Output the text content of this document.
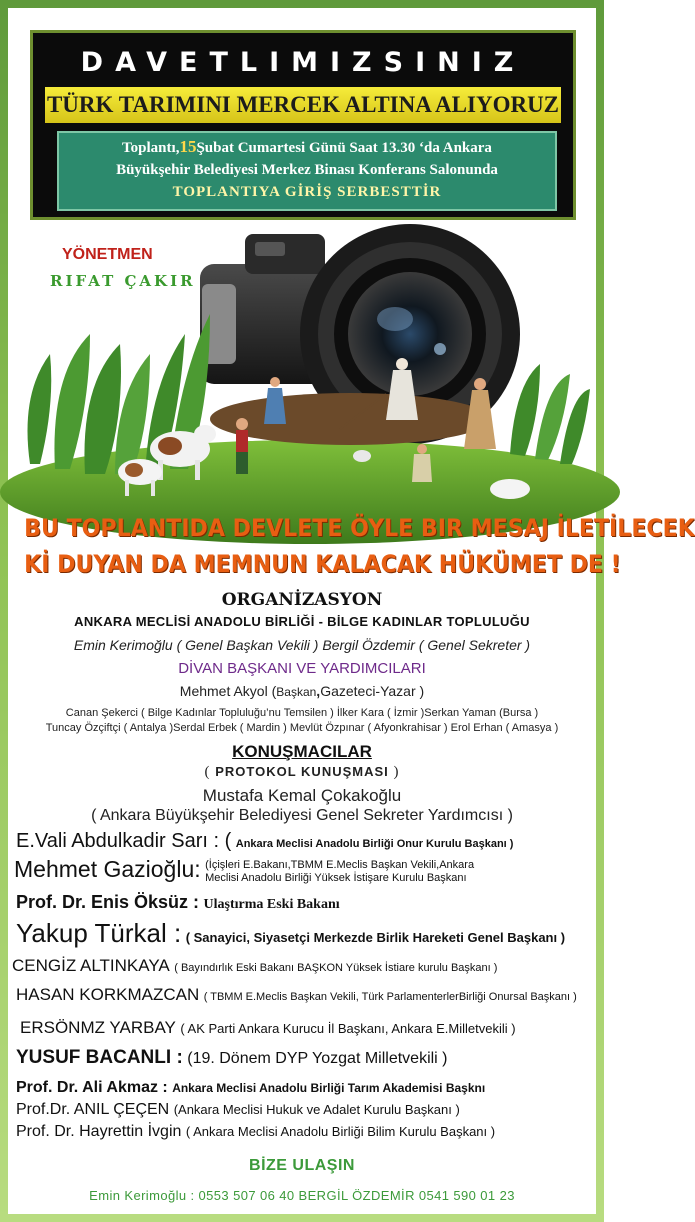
DAVETLIMIZSINIZ
TÜRK TARIMINI MERCEK ALTINA ALIYORUZ
Toplantı,15Şubat Cumartesi Günü Saat 13.30 ‘da Ankara
Büyükşehir Belediyesi Merkez Binası Konferans Salonunda
TOPLANTIYA GİRİŞ SERBESTTİR
YÖNETMEN
RIFAT ÇAKIR
BU TOPLANTIDA DEVLETE ÖYLE BIR MESAJ İLETİLECEK
Kİ DUYAN DA MEMNUN KALACAK HÜKÜMET DE !
ORGANİZASYON
ANKARA MECLİSİ ANADOLU BİRLİĞİ - BİLGE KADINLAR TOPLULUĞU
Emin Kerimoğlu ( Genel Başkan Vekili ) Bergil Özdemir ( Genel Sekreter )
DİVAN BAŞKANI VE YARDIMCILARI
Mehmet Akyol (Başkan,Gazeteci-Yazar )
Canan Şekerci ( Bilge Kadınlar Topluluğu’nu Temsilen ) İlker Kara ( İzmir )Serkan Yaman (Bursa )
Tuncay Özçiftçi ( Antalya )Serdal Erbek ( Mardin ) Mevlüt Özpınar ( Afyonkrahisar ) Erol Erhan ( Amasya )
KONUŞMACILAR
( PROTOKOL KUNUŞMASI )
Mustafa Kemal Çokakoğlu
( Ankara Büyükşehir Belediyesi Genel Sekreter Yardımcısı )
E.Vali Abdulkadir Sarı : ( Ankara Meclisi Anadolu Birliği Onur Kurulu Başkanı )
Mehmet Gazioğlu: (İçişleri E.Bakanı,TBMM E.Meclis Başkan Vekili,Ankara
Meclisi Anadolu Birliği Yüksek İstişare Kurulu Başkanı
Prof. Dr. Enis Öksüz : Ulaştırma Eski Bakanı
Yakup Türkal : ( Sanayici, Siyasetçi Merkezde Birlik Hareketi Genel Başkanı )
CENGİZ ALTINKAYA ( Bayındırlık Eski Bakanı BAŞKON Yüksek İstiare kurulu Başkanı )
HASAN KORKMAZCAN ( TBMM E.Meclis Başkan Vekili, Türk ParlamenterlerBirliği Onursal Başkanı )
ERSÖNMZ YARBAY ( AK Parti Ankara Kurucu İl Başkanı, Ankara E.Milletvekili )
YUSUF BACANLI : (19. Dönem DYP Yozgat Milletvekili )
Prof. Dr. Ali Akmaz : Ankara Meclisi Anadolu Birliği Tarım Akademisi Başknı
Prof.Dr. ANIL ÇEÇEN (Ankara Meclisi Hukuk ve Adalet Kurulu Başkanı )
Prof. Dr. Hayrettin İvgin ( Ankara Meclisi Anadolu Birliği Bilim Kurulu Başkanı )
BİZE ULAŞIN
Emin Kerimoğlu : 0553 507 06 40 BERGİL ÖZDEMİR 0541 590 01 23
